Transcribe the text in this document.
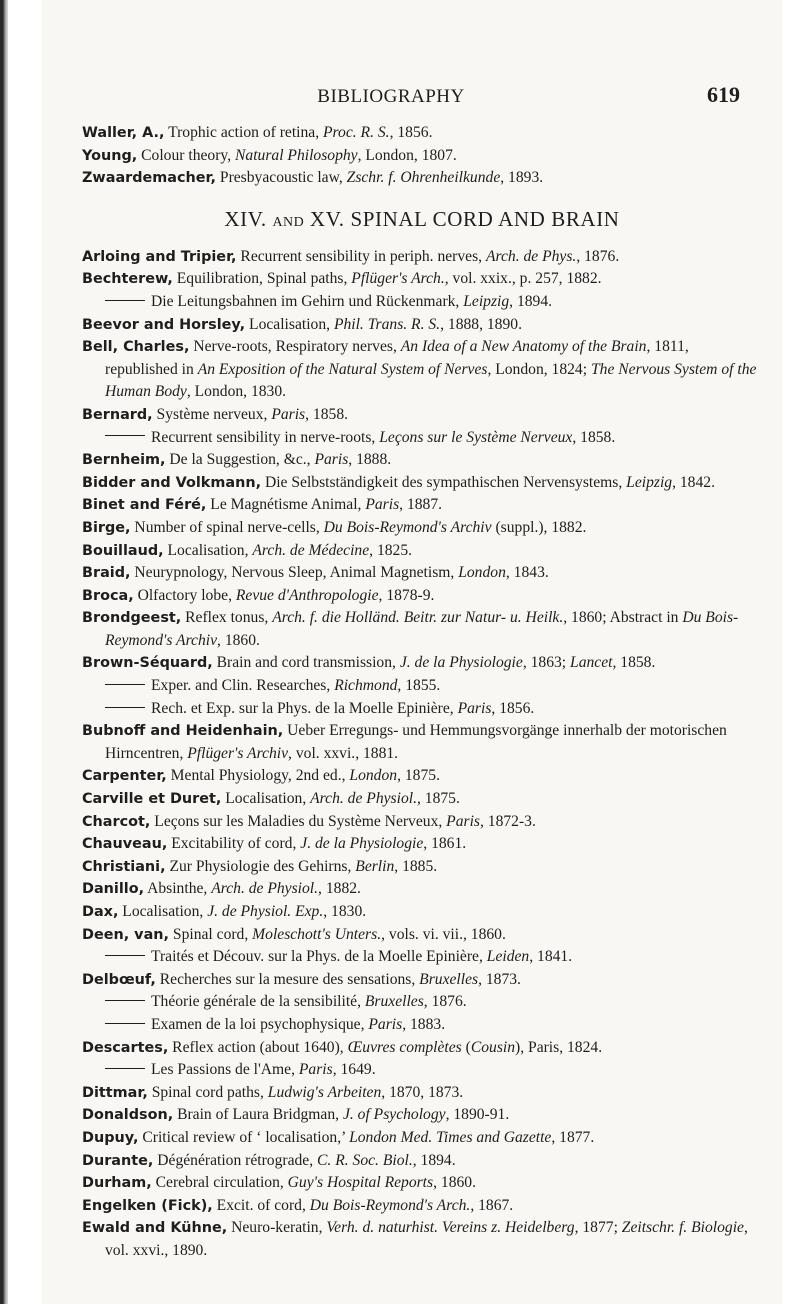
BIBLIOGRAPHY	619
Waller, A., Trophic action of retina, Proc. R. S., 1856.
Young, Colour theory, Natural Philosophy, London, 1807.
Zwaardemacher, Presbyacoustic law, Zschr. f. Ohrenheilkunde, 1893.
XIV. AND XV. SPINAL CORD AND BRAIN
Arloing and Tripier, Recurrent sensibility in periph. nerves, Arch. de Phys., 1876.
Bechterew, Equilibration, Spinal paths, Pflüger's Arch., vol. xxix., p. 257, 1882.
Die Leitungsbahnen im Gehirn und Rückenmark, Leipzig, 1894.
Beevor and Horsley, Localisation, Phil. Trans. R. S., 1888, 1890.
Bell, Charles, Nerve-roots, Respiratory nerves, An Idea of a New Anatomy of the Brain, 1811, republished in An Exposition of the Natural System of Nerves, London, 1824; The Nervous System of the Human Body, London, 1830.
Bernard, Système nerveux, Paris, 1858.
Recurrent sensibility in nerve-roots, Leçons sur le Système Nerveux, 1858.
Bernheim, De la Suggestion, &c., Paris, 1888.
Bidder and Volkmann, Die Selbstständigkeit des sympathischen Nervensystems, Leipzig, 1842.
Binet and Féré, Le Magnétisme Animal, Paris, 1887.
Birge, Number of spinal nerve-cells, Du Bois-Reymond's Archiv (suppl.), 1882.
Bouillaud, Localisation, Arch. de Médecine, 1825.
Braid, Neurypnology, Nervous Sleep, Animal Magnetism, London, 1843.
Broca, Olfactory lobe, Revue d'Anthropologie, 1878-9.
Brondgeest, Reflex tonus, Arch. f. die Holländ. Beitr. zur Natur- u. Heilk., 1860; Abstract in Du Bois-Reymond's Archiv, 1860.
Brown-Séquard, Brain and cord transmission, J. de la Physiologie, 1863; Lancet, 1858.
Exper. and Clin. Researches, Richmond, 1855.
Rech. et Exp. sur la Phys. de la Moelle Epinière, Paris, 1856.
Bubnoff and Heidenhain, Ueber Erregungs- und Hemmungsvorgänge innerhalb der motorischen Hirncentren, Pflüger's Archiv, vol. xxvi., 1881.
Carpenter, Mental Physiology, 2nd ed., London, 1875.
Carville et Duret, Localisation, Arch. de Physiol., 1875.
Charcot, Leçons sur les Maladies du Système Nerveux, Paris, 1872-3.
Chauveau, Excitability of cord, J. de la Physiologie, 1861.
Christiani, Zur Physiologie des Gehirns, Berlin, 1885.
Danillo, Absinthe, Arch. de Physiol., 1882.
Dax, Localisation, J. de Physiol. Exp., 1830.
Deen, van, Spinal cord, Moleschott's Unters., vols. vi. vii., 1860.
Traités et Découv. sur la Phys. de la Moelle Epinière, Leiden, 1841.
Delbœuf, Recherches sur la mesure des sensations, Bruxelles, 1873.
Théorie générale de la sensibilité, Bruxelles, 1876.
Examen de la loi psychophysique, Paris, 1883.
Descartes, Reflex action (about 1640), Œuvres complètes (Cousin), Paris, 1824.
Les Passions de l'Ame, Paris, 1649.
Dittmar, Spinal cord paths, Ludwig's Arbeiten, 1870, 1873.
Donaldson, Brain of Laura Bridgman, J. of Psychology, 1890-91.
Dupuy, Critical review of ‘ localisation,’ London Med. Times and Gazette, 1877.
Durante, Dégénération rétrograde, C. R. Soc. Biol., 1894.
Durham, Cerebral circulation, Guy's Hospital Reports, 1860.
Engelken (Fick), Excit. of cord, Du Bois-Reymond's Arch., 1867.
Ewald and Kühne, Neuro-keratin, Verh. d. naturhist. Vereins z. Heidelberg, 1877; Zeitschr. f. Biologie, vol. xxvi., 1890.
